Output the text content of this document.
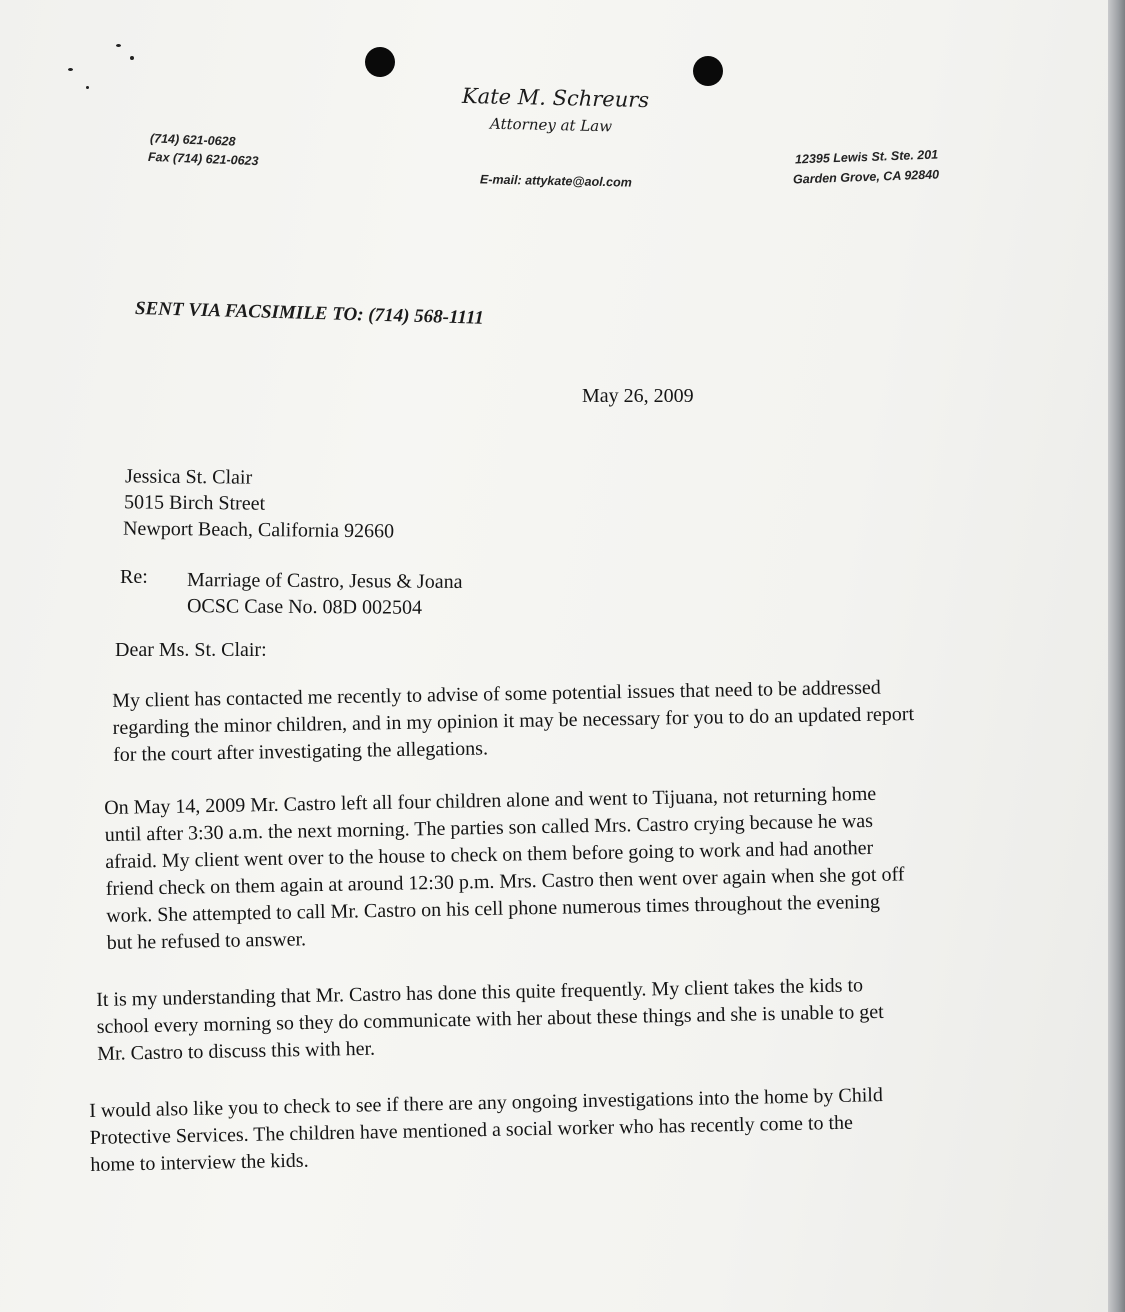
Kate M. Schreurs
Attorney at Law
(714) 621-0628
Fax (714) 621-0623
E-mail: attykate@aol.com
12395 Lewis St. Ste. 201
Garden Grove, CA 92840
SENT VIA FACSIMILE TO: (714) 568-1111
May 26, 2009
Jessica St. Clair
5015 Birch Street
Newport Beach, California 92660
Re: Marriage of Castro, Jesus & Joana
OCSC Case No. 08D 002504
Dear Ms. St. Clair:
My client has contacted me recently to advise of some potential issues that need to be addressed
regarding the minor children, and in my opinion it may be necessary for you to do an updated report
for the court after investigating the allegations.
On May 14, 2009 Mr. Castro left all four children alone and went to Tijuana, not returning home
until after 3:30 a.m. the next morning. The parties son called Mrs. Castro crying because he was
afraid. My client went over to the house to check on them before going to work and had another
friend check on them again at around 12:30 p.m. Mrs. Castro then went over again when she got off
work. She attempted to call Mr. Castro on his cell phone numerous times throughout the evening
but he refused to answer.
It is my understanding that Mr. Castro has done this quite frequently. My client takes the kids to
school every morning so they do communicate with her about these things and she is unable to get
Mr. Castro to discuss this with her.
I would also like you to check to see if there are any ongoing investigations into the home by Child
Protective Services. The children have mentioned a social worker who has recently come to the
home to interview the kids.
